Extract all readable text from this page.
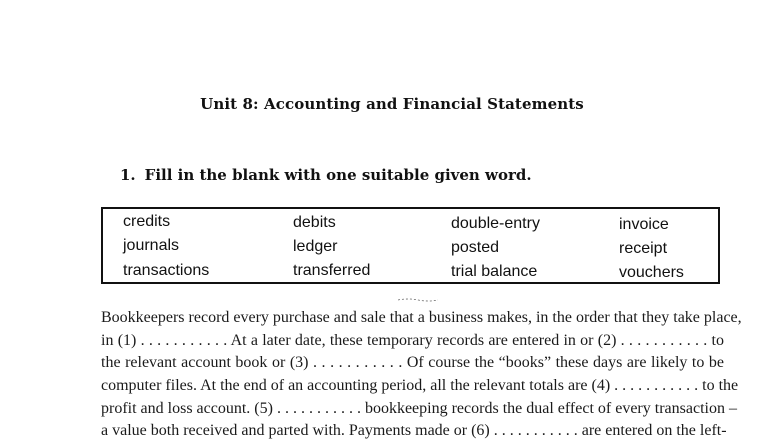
Unit 8: Accounting and Financial Statements
1. Fill in the blank with one suitable given word.
credits	debits	double-entry	invoice
journals	ledger	posted	receipt
transactions	transferred	trial balance	vouchers
Bookkeepers record every purchase and sale that a business makes, in the order that they take place,
in (1) . . . . . . . . . . . At a later date, these temporary records are entered in or (2) . . . . . . . . . . . to
the relevant account book or (3) . . . . . . . . . . . Of course the “books” these days are likely to be
computer files. At the end of an accounting period, all the relevant totals are (4) . . . . . . . . . . . to the
profit and loss account. (5) . . . . . . . . . . . bookkeeping records the dual effect of every transaction –
a value both received and parted with. Payments made or (6) . . . . . . . . . . . are entered on the left-
